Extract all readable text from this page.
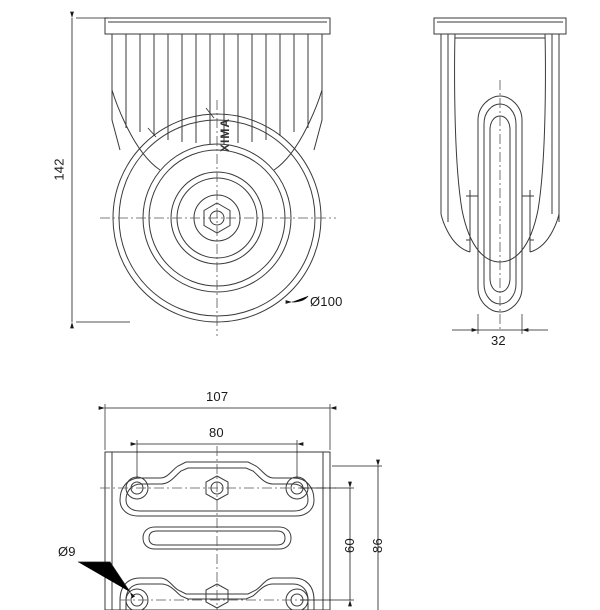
142
Ø100
XIMA
32
107
80
86
60
Ø9
